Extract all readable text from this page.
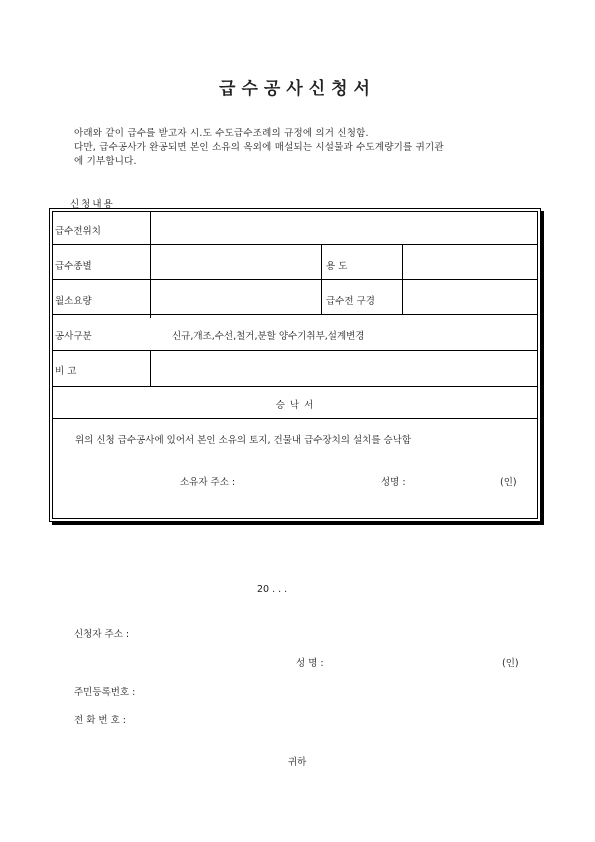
급수공사신청서
아래와 같이 급수를 받고자 시.도 수도급수조례의 규정에 의거 신청함.
다만, 급수공사가 완공되면 본인 소유의 옥외에 매설되는 시설물과 수도계량기를 귀기관
에 기부합니다.
신청내용
급수전위치
급수종별	용 도
월소요량	급수전 구경
공사구분	신규,개조,수선,철거,분할 양수기취부,설계변경
비 고
승 낙 서
위의 신청 급수공사에 있어서 본인 소유의 토지, 건물내 급수장치의 설치를 승낙함
소유자 주소 :	성명 :	(인)
20 . . .
신청자 주소 :
성 명 :	(인)
주민등록번호 :
전 화 번 호 :
귀하
